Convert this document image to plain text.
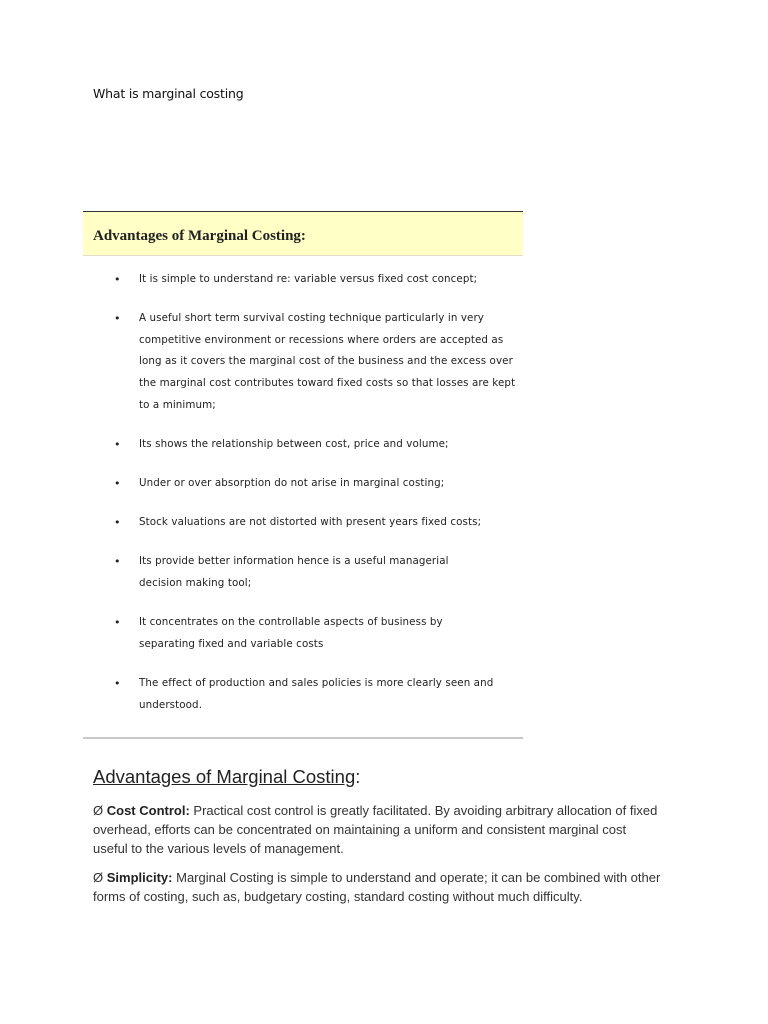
What is marginal costing
Advantages of Marginal Costing:
• It is simple to understand re: variable versus fixed cost concept;
• A useful short term survival costing technique particularly in very competitive environment or recessions where orders are accepted as long as it covers the marginal cost of the business and the excess over the marginal cost contributes toward fixed costs so that losses are kept to a minimum;
• Its shows the relationship between cost, price and volume;
• Under or over absorption do not arise in marginal costing;
• Stock valuations are not distorted with present years fixed costs;
• Its provide better information hence is a useful managerial decision making tool;
• It concentrates on the controllable aspects of business by separating fixed and variable costs
• The effect of production and sales policies is more clearly seen and understood.
Advantages of Marginal Costing:

Ø Cost Control: Practical cost control is greatly facilitated. By avoiding arbitrary allocation of fixed overhead, efforts can be concentrated on maintaining a uniform and consistent marginal cost useful to the various levels of management.

Ø Simplicity: Marginal Costing is simple to understand and operate; it can be combined with other forms of costing, such as, budgetary costing, standard costing without much difficulty.
